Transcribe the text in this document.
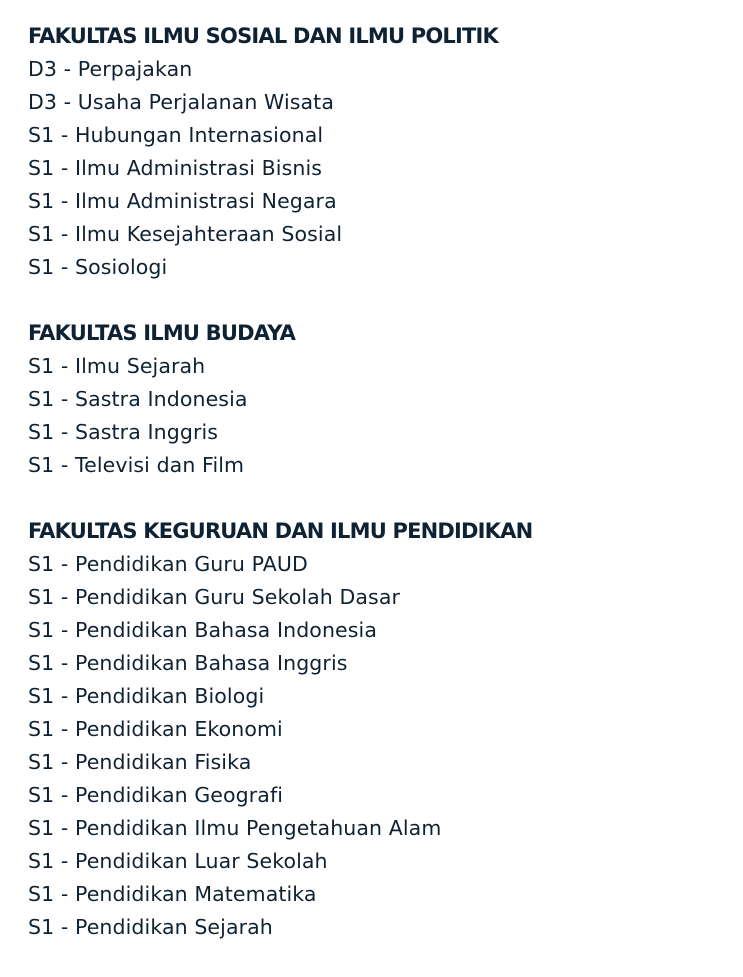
FAKULTAS ILMU SOSIAL DAN ILMU POLITIK
D3 - Perpajakan
D3 - Usaha Perjalanan Wisata
S1 - Hubungan Internasional
S1 - Ilmu Administrasi Bisnis
S1 - Ilmu Administrasi Negara
S1 - Ilmu Kesejahteraan Sosial
S1 - Sosiologi
FAKULTAS ILMU BUDAYA
S1 - Ilmu Sejarah
S1 - Sastra Indonesia
S1 - Sastra Inggris
S1 - Televisi dan Film
FAKULTAS KEGURUAN DAN ILMU PENDIDIKAN
S1 - Pendidikan Guru PAUD
S1 - Pendidikan Guru Sekolah Dasar
S1 - Pendidikan Bahasa Indonesia
S1 - Pendidikan Bahasa Inggris
S1 - Pendidikan Biologi
S1 - Pendidikan Ekonomi
S1 - Pendidikan Fisika
S1 - Pendidikan Geografi
S1 - Pendidikan Ilmu Pengetahuan Alam
S1 - Pendidikan Luar Sekolah
S1 - Pendidikan Matematika
S1 - Pendidikan Sejarah
